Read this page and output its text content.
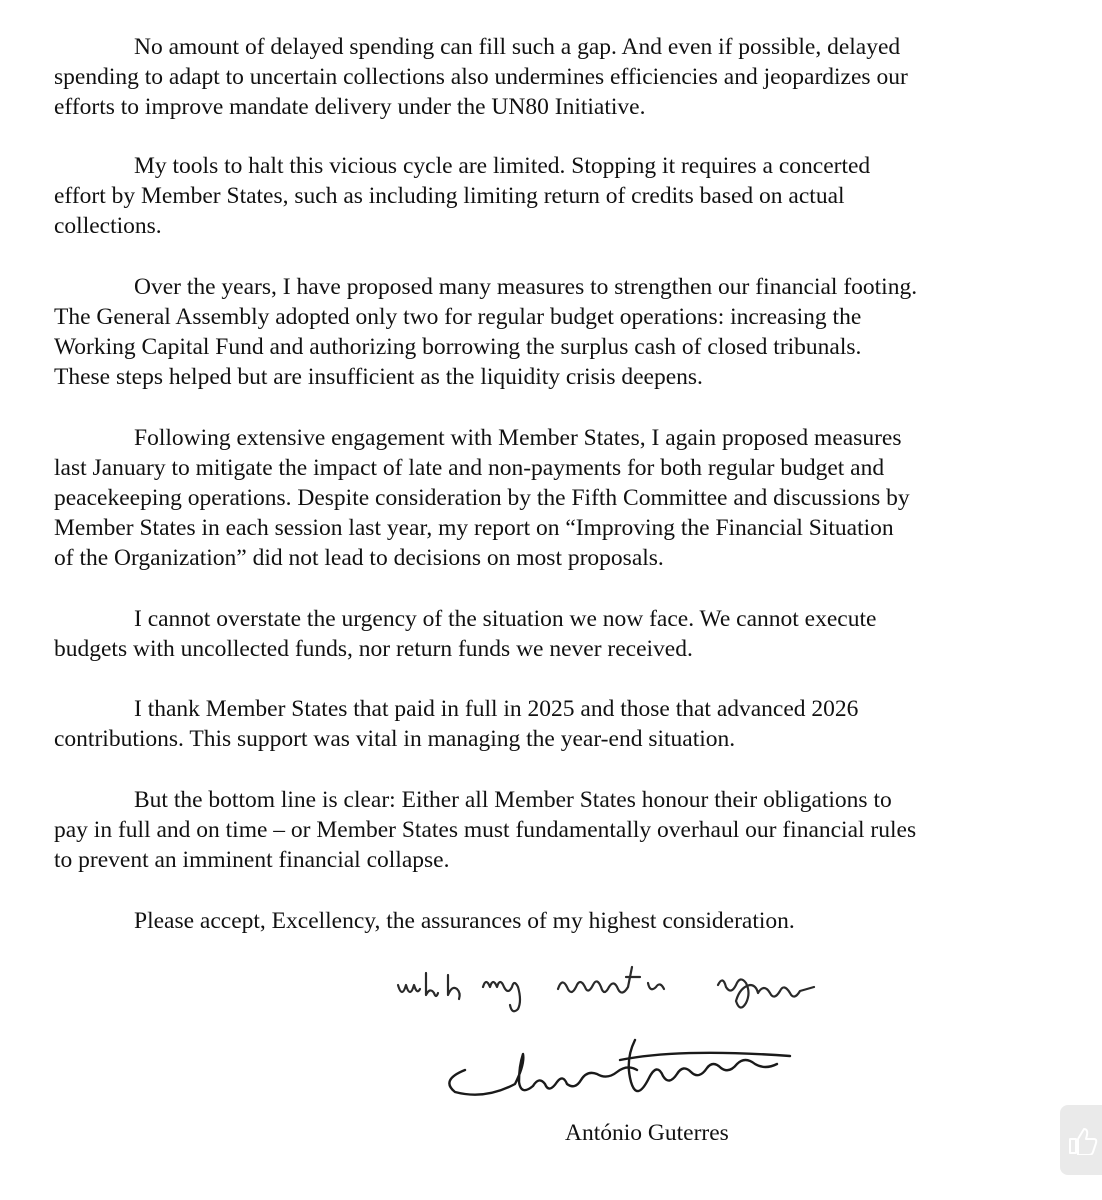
No amount of delayed spending can fill such a gap. And even if possible, delayed
spending to adapt to uncertain collections also undermines efficiencies and jeopardizes our
efforts to improve mandate delivery under the UN80 Initiative.

My tools to halt this vicious cycle are limited. Stopping it requires a concerted
effort by Member States, such as including limiting return of credits based on actual
collections.

Over the years, I have proposed many measures to strengthen our financial footing.
The General Assembly adopted only two for regular budget operations: increasing the
Working Capital Fund and authorizing borrowing the surplus cash of closed tribunals.
These steps helped but are insufficient as the liquidity crisis deepens.

Following extensive engagement with Member States, I again proposed measures
last January to mitigate the impact of late and non-payments for both regular budget and
peacekeeping operations. Despite consideration by the Fifth Committee and discussions by
Member States in each session last year, my report on “Improving the Financial Situation
of the Organization” did not lead to decisions on most proposals.

I cannot overstate the urgency of the situation we now face. We cannot execute
budgets with uncollected funds, nor return funds we never received.

I thank Member States that paid in full in 2025 and those that advanced 2026
contributions. This support was vital in managing the year-end situation.

But the bottom line is clear: Either all Member States honour their obligations to
pay in full and on time – or Member States must fundamentally overhaul our financial rules
to prevent an imminent financial collapse.

Please accept, Excellency, the assurances of my highest consideration.

António Guterres
